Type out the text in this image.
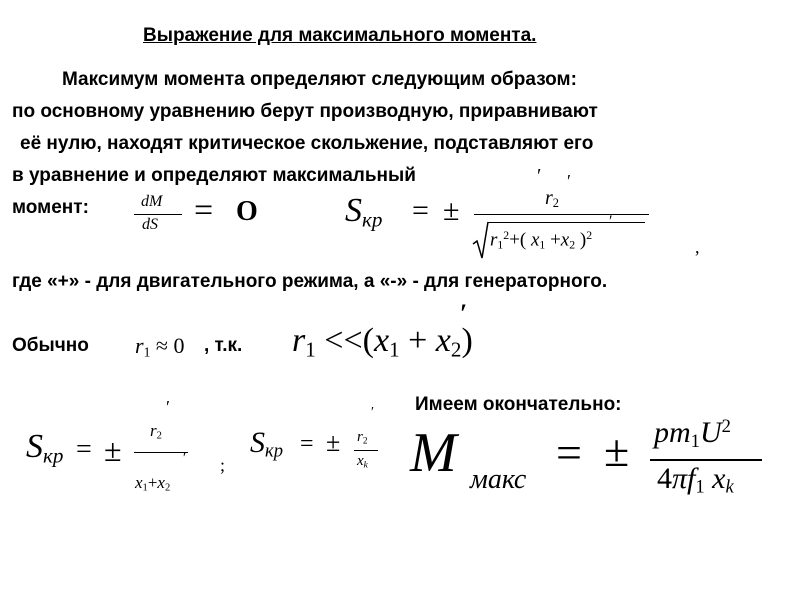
Выражение для максимального момента.
Максимум момента определяют следующим образом:
по основному уравнению берут производную, приравнивают
её нулю, находят критическое скольжение, подставляют его
в уравнение и определяют максимальный	′
момент:	dM
dS = O	$S_{кр}$ = ±	r2
′
$r1^2+$( x1 +x2 )$^2$
′
,
где «+» - для двигательного режима, а «-» - для генераторного.
Обычно r1 ≈ 0 , т.к. r1 <<(x1 + x2)
′
Имеем окончательно:
$S_{кр}$ = ±
′
r2
x1+x2
′ ;
$S_{кр}$ = ±
′
r2
$x_k$ M макс
= ± $pm1U^2$
4πf1 $x_k$
